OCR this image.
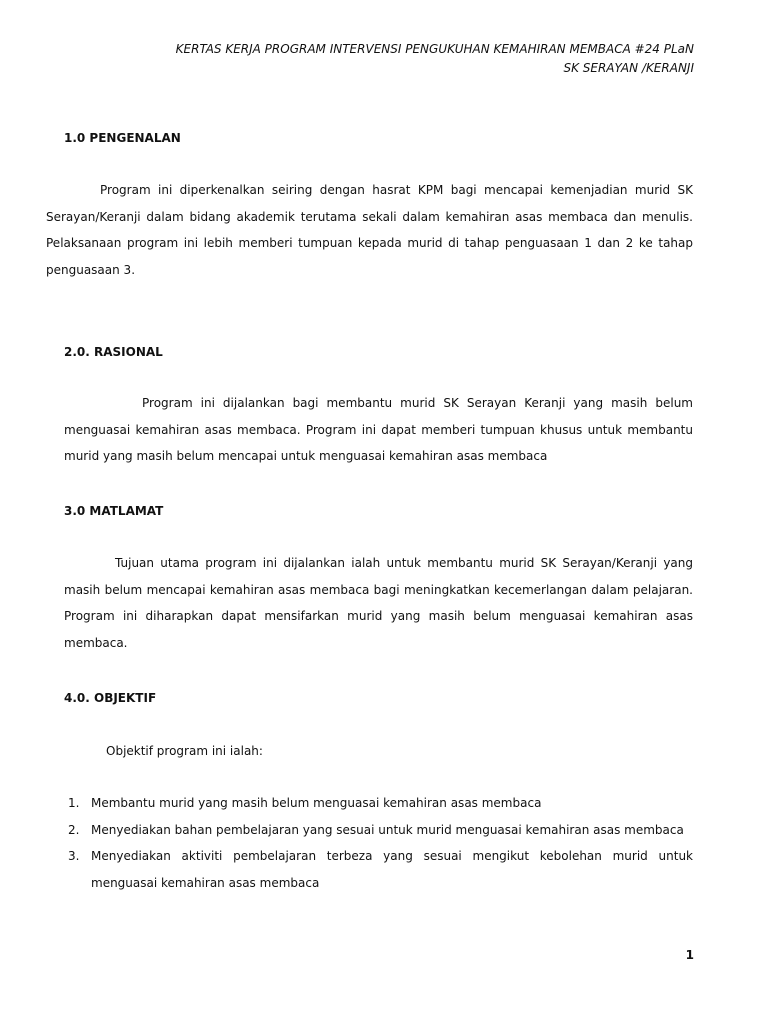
KERTAS KERJA PROGRAM INTERVENSI PENGUKUHAN KEMAHIRAN MEMBACA #24 PLaN
SK SERAYAN /KERANJI
1.0 PENGENALAN

Program ini diperkenalkan seiring dengan hasrat KPM bagi mencapai kemenjadian murid SK Serayan/Keranji dalam bidang akademik terutama sekali dalam kemahiran asas membaca dan menulis. Pelaksanaan program ini lebih memberi tumpuan kepada murid di tahap penguasaan 1 dan 2 ke tahap penguasaan 3.

2.0. RASIONAL

Program ini dijalankan bagi membantu murid SK Serayan Keranji yang masih belum menguasai kemahiran asas membaca. Program ini dapat memberi tumpuan khusus untuk membantu murid yang masih belum mencapai untuk menguasai kemahiran asas membaca

3.0 MATLAMAT

Tujuan utama program ini dijalankan ialah untuk membantu murid SK Serayan/Keranji yang masih belum mencapai kemahiran asas membaca bagi meningkatkan kecemerlangan dalam pelajaran. Program ini diharapkan dapat mensifarkan murid yang masih belum menguasai kemahiran asas membaca.

4.0. OBJEKTIF

Objektif program ini ialah:

1. Membantu murid yang masih belum menguasai kemahiran asas membaca
2. Menyediakan bahan pembelajaran yang sesuai untuk murid menguasai kemahiran asas membaca
3. Menyediakan aktiviti pembelajaran terbeza yang sesuai mengikut kebolehan murid untuk menguasai kemahiran asas membaca
1
